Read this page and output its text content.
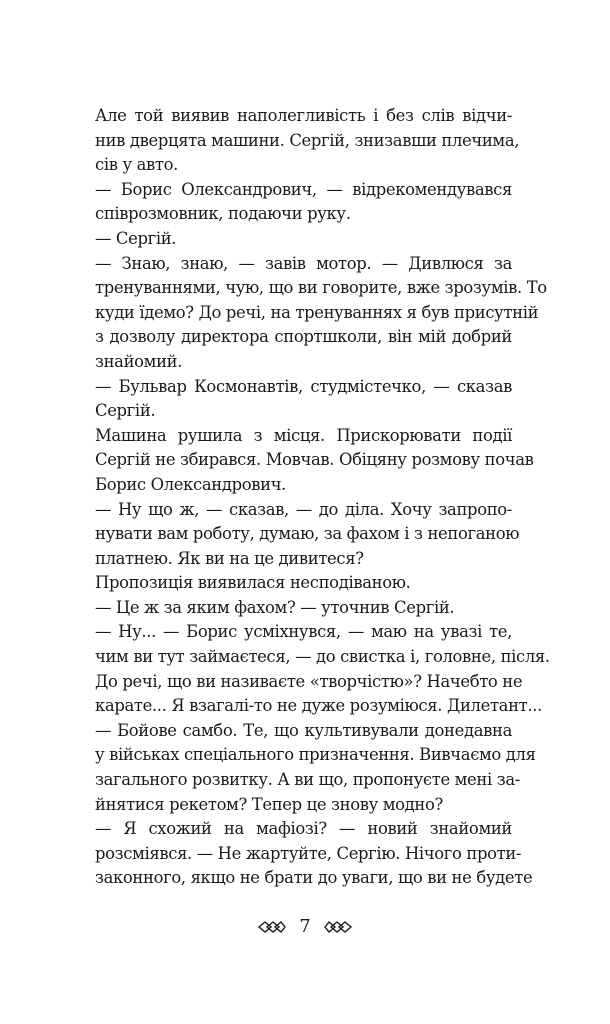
Але той виявив наполегливість і без слів відчи-
нив дверцята машини. Сергій, знизавши плечима,
сів у авто.

— Борис Олександрович, — відрекомендувався
співрозмовник, подаючи руку.

— Сергій.

— Знаю, знаю, — завів мотор. — Дивлюся за
тренуваннями, чую, що ви говорите, вже зрозумів. То
куди їдемо? До речі, на тренуваннях я був присутній
з дозволу директора спортшколи, він мій добрий
знайомий.

— Бульвар Космонавтів, студмістечко, — сказав
Сергій.

Машина рушила з місця. Прискорювати події
Сергій не збирався. Мовчав. Обіцяну розмову почав
Борис Олександрович.

— Ну що ж, — сказав, — до діла. Хочу запропо-
нувати вам роботу, думаю, за фахом і з непоганою
платнею. Як ви на це дивитеся?

Пропозиція виявилася несподіваною.

— Це ж за яким фахом? — уточнив Сергій.

— Ну... — Борис усміхнувся, — маю на увазі те,
чим ви тут займаєтеся, — до свистка і, головне, після.
До речі, що ви називаєте «творчістю»? Начебто не
карате... Я взагалі-то не дуже розуміюся. Дилетант...

— Бойове самбо. Те, що культивували донедавна
у військах спеціального призначення. Вивчаємо для
загального розвитку. А ви що, пропонуєте мені за-
йнятися рекетом? Тепер це знову модно?

— Я схожий на мафіозі? — новий знайомий
розсміявся. — Не жартуйте, Сергію. Нічого проти-
законного, якщо не брати до уваги, що ви не будете

7
